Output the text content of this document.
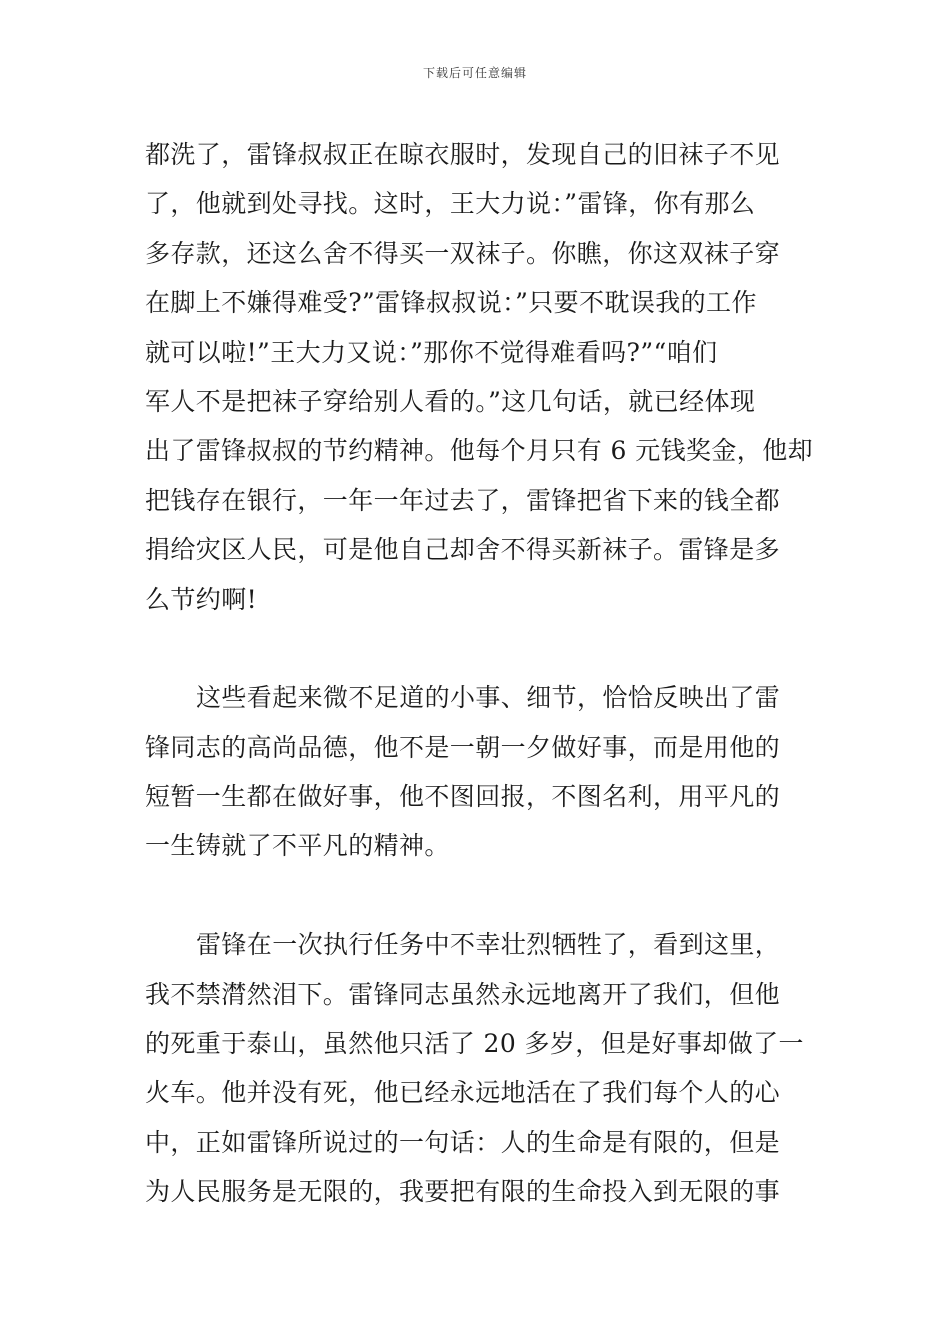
下载后可任意编辑
都洗了，雷锋叔叔正在晾衣服时，发现自己的旧袜子不见
了，他就到处寻找。这时，王大力说：”雷锋，你有那么
多存款，还这么舍不得买一双袜子。你瞧，你这双袜子穿
在脚上不嫌得难受?”雷锋叔叔说：”只要不耽误我的工作
就可以啦!”王大力又说：”那你不觉得难看吗?”“咱们
军人不是把袜子穿给别人看的。”这几句话，就已经体现
出了雷锋叔叔的节约精神。他每个月只有 6 元钱奖金，他却
把钱存在银行，一年一年过去了，雷锋把省下来的钱全都
捐给灾区人民，可是他自己却舍不得买新袜子。雷锋是多
么节约啊!
这些看起来微不足道的小事、细节，恰恰反映出了雷
锋同志的高尚品德，他不是一朝一夕做好事，而是用他的
短暂一生都在做好事，他不图回报，不图名利，用平凡的
一生铸就了不平凡的精神。
雷锋在一次执行任务中不幸壮烈牺牲了，看到这里，
我不禁潸然泪下。雷锋同志虽然永远地离开了我们，但他
的死重于泰山，虽然他只活了 20 多岁，但是好事却做了一
火车。他并没有死，他已经永远地活在了我们每个人的心
中，正如雷锋所说过的一句话：人的生命是有限的，但是
为人民服务是无限的，我要把有限的生命投入到无限的事
